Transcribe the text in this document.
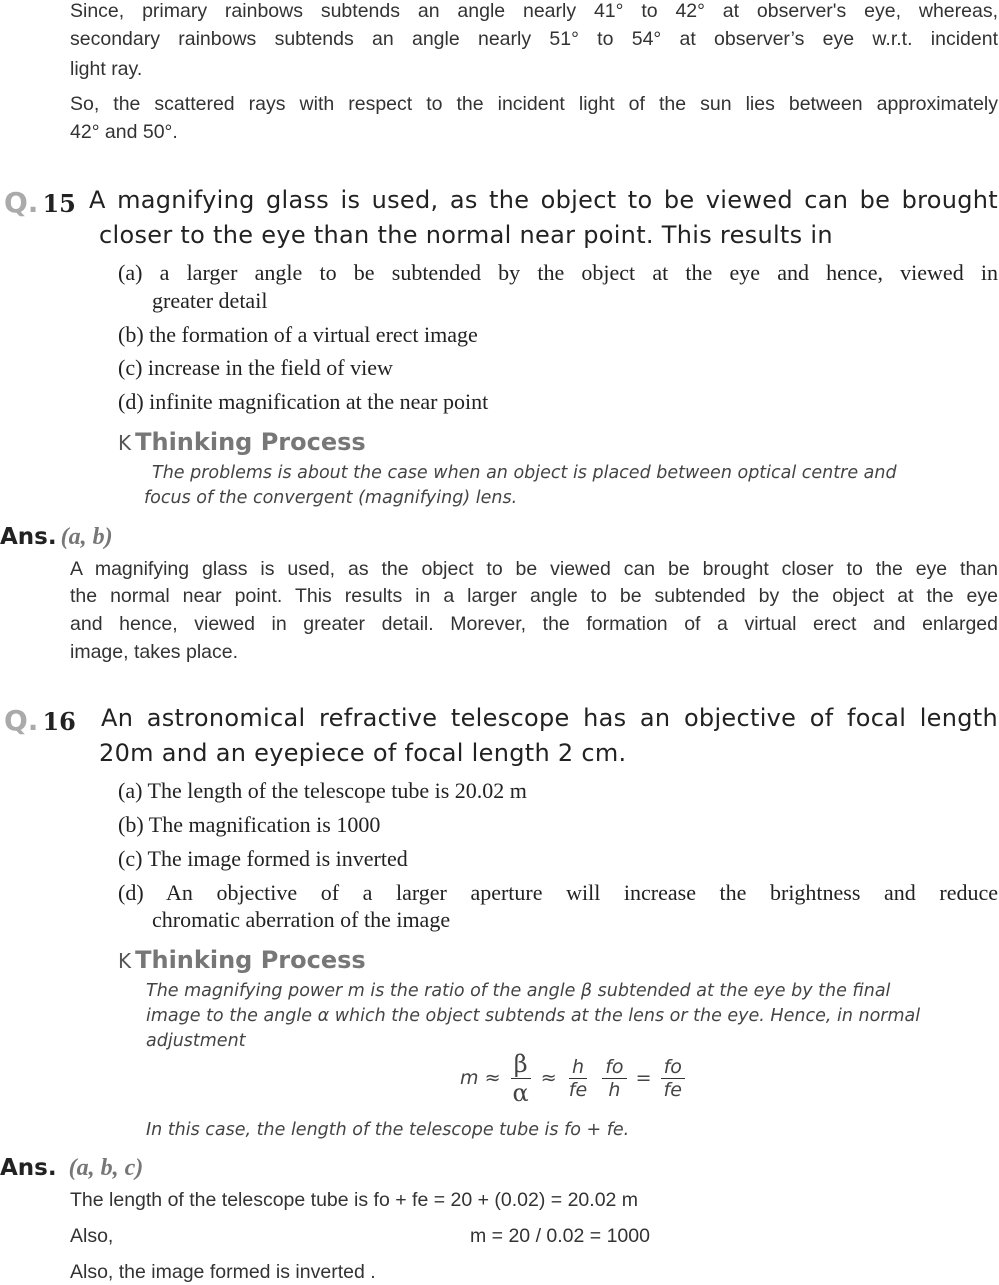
Since, primary rainbows subtends an angle nearly 41° to 42° at observer's eye, whereas,
secondary rainbows subtends an angle nearly 51° to 54° at observer’s eye w.r.t. incident
light ray.
So, the scattered rays with respect to the incident light of the sun lies between approximately
42° and 50°.
Q. 15 A magnifying glass is used, as the object to be viewed can be brought
closer to the eye than the normal near point. This results in
(a) a larger angle to be subtended by the object at the eye and hence, viewed in
greater detail
(b) the formation of a virtual erect image
(c) increase in the field of view
(d) infinite magnification at the near point
K Thinking Process
The problems is about the case when an object is placed between optical centre and
focus of the convergent (magnifying) lens.
Ans. (a, b)
A magnifying glass is used, as the object to be viewed can be brought closer to the eye than
the normal near point. This results in a larger angle to be subtended by the object at the eye
and hence, viewed in greater detail. Morever, the formation of a virtual erect and enlarged
image, takes place.
Q. 16 An astronomical refractive telescope has an objective of focal length
20m and an eyepiece of focal length 2 cm.
(a) The length of the telescope tube is 20.02 m
(b) The magnification is 1000
(c) The image formed is inverted
(d) An objective of a larger aperture will increase the brightness and reduce
chromatic aberration of the image
K Thinking Process
The magnifying power m is the ratio of the angle β subtended at the eye by the final
image to the angle α which the object subtends at the lens or the eye. Hence, in normal
adjustment
$m \approx \frac{\beta}{\alpha} \approx \frac{h}{fe}$
$\frac{fo}{h} = \frac{fo}{fe}$
In this case, the length of the telescope tube is fo + fe.
Ans. (a, b, c)
The length of the telescope tube is fo + fe = 20 + (0.02) = 20.02 m
Also,	m = 20 / 0.02 = 1000
Also, the image formed is inverted .
